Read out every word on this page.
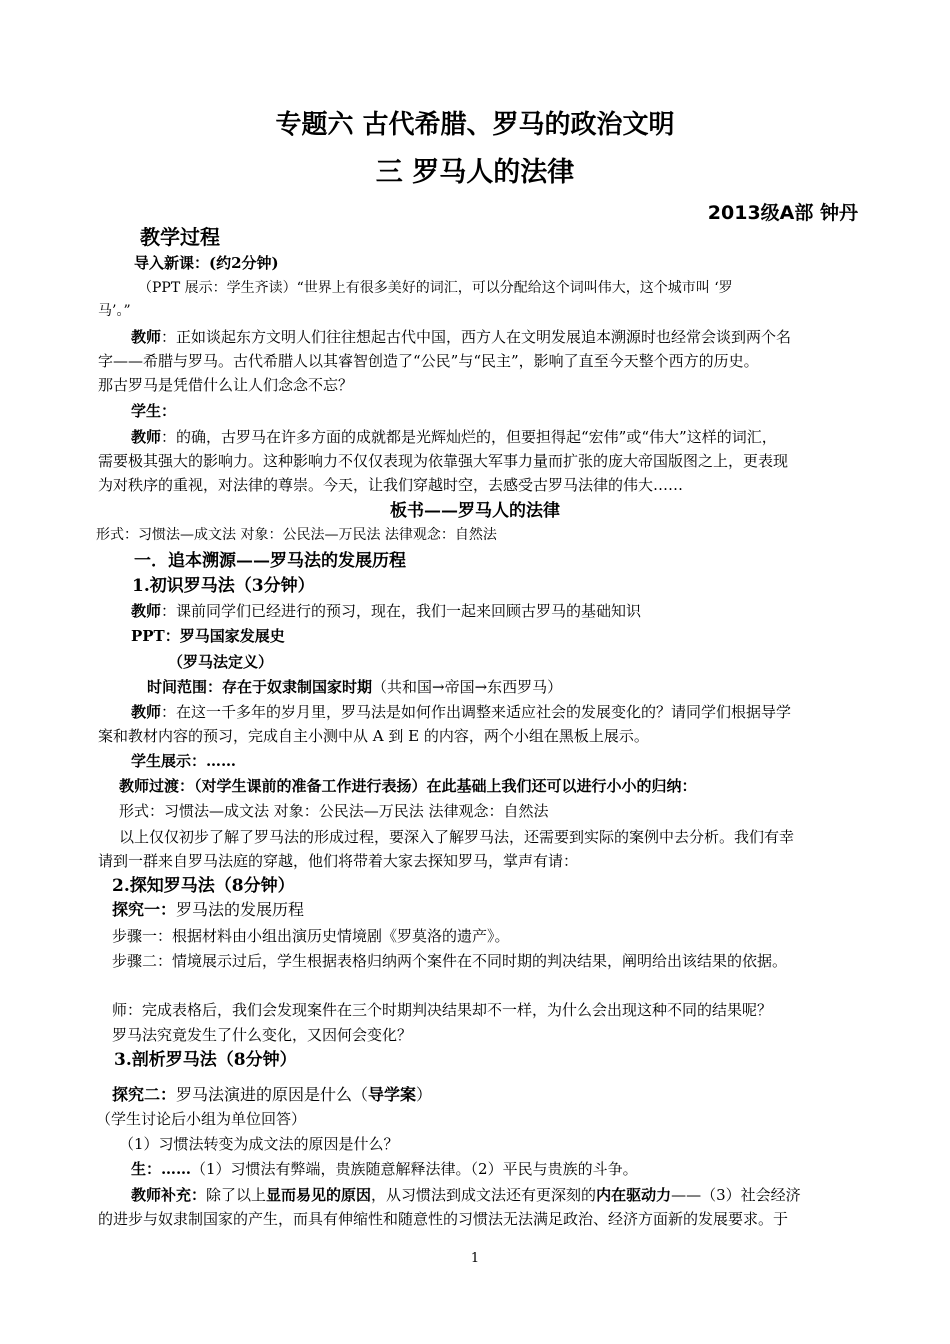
专题六 古代希腊、罗马的政治文明
三 罗马人的法律
2013级A部 钟丹
教学过程
导入新课：(约2分钟)
（PPT 展示：学生齐读）“世界上有很多美好的词汇，可以分配给这个词叫伟大，这个城市叫 ‘罗
马’。”
教师：正如谈起东方文明人们往往想起古代中国，西方人在文明发展追本溯源时也经常会谈到两个名
字——希腊与罗马。古代希腊人以其睿智创造了“公民”与“民主”，影响了直至今天整个西方的历史。
那古罗马是凭借什么让人们念念不忘？
学生：
教师：的确，古罗马在许多方面的成就都是光辉灿烂的，但要担得起“宏伟”或“伟大”这样的词汇，
需要极其强大的影响力。这种影响力不仅仅表现为依靠强大军事力量而扩张的庞大帝国版图之上，更表现
为对秩序的重视，对法律的尊崇。今天，让我们穿越时空，去感受古罗马法律的伟大……
板书——罗马人的法律
形式：习惯法—成文法 对象：公民法—万民法 法律观念：自然法
一．追本溯源——罗马法的发展历程
1.初识罗马法（3分钟）
教师：课前同学们已经进行的预习，现在，我们一起来回顾古罗马的基础知识
PPT：罗马国家发展史
（罗马法定义）
时间范围：存在于奴隶制国家时期（共和国→帝国→东西罗马）
教师：在这一千多年的岁月里，罗马法是如何作出调整来适应社会的发展变化的？请同学们根据导学
案和教材内容的预习，完成自主小测中从 A 到 E 的内容，两个小组在黑板上展示。
学生展示：……
教师过渡：（对学生课前的准备工作进行表扬）在此基础上我们还可以进行小小的归纳：
形式：习惯法—成文法 对象：公民法—万民法 法律观念：自然法
以上仅仅初步了解了罗马法的形成过程，要深入了解罗马法，还需要到实际的案例中去分析。我们有幸
请到一群来自罗马法庭的穿越，他们将带着大家去探知罗马，掌声有请：
2.探知罗马法（8分钟）
探究一：罗马法的发展历程
步骤一：根据材料由小组出演历史情境剧《罗莫洛的遗产》。
步骤二：情境展示过后，学生根据表格归纳两个案件在不同时期的判决结果，阐明给出该结果的依据。
师：完成表格后，我们会发现案件在三个时期判决结果却不一样，为什么会出现这种不同的结果呢？
罗马法究竟发生了什么变化，又因何会变化？
3.剖析罗马法（8分钟）
探究二：罗马法演进的原因是什么（导学案）
（学生讨论后小组为单位回答）
（1）习惯法转变为成文法的原因是什么？
生：……（1）习惯法有弊端，贵族随意解释法律。（2）平民与贵族的斗争。
教师补充：除了以上显而易见的原因，从习惯法到成文法还有更深刻的内在驱动力——（3）社会经济
的进步与奴隶制国家的产生，而具有伸缩性和随意性的习惯法无法满足政治、经济方面新的发展要求。于
1
